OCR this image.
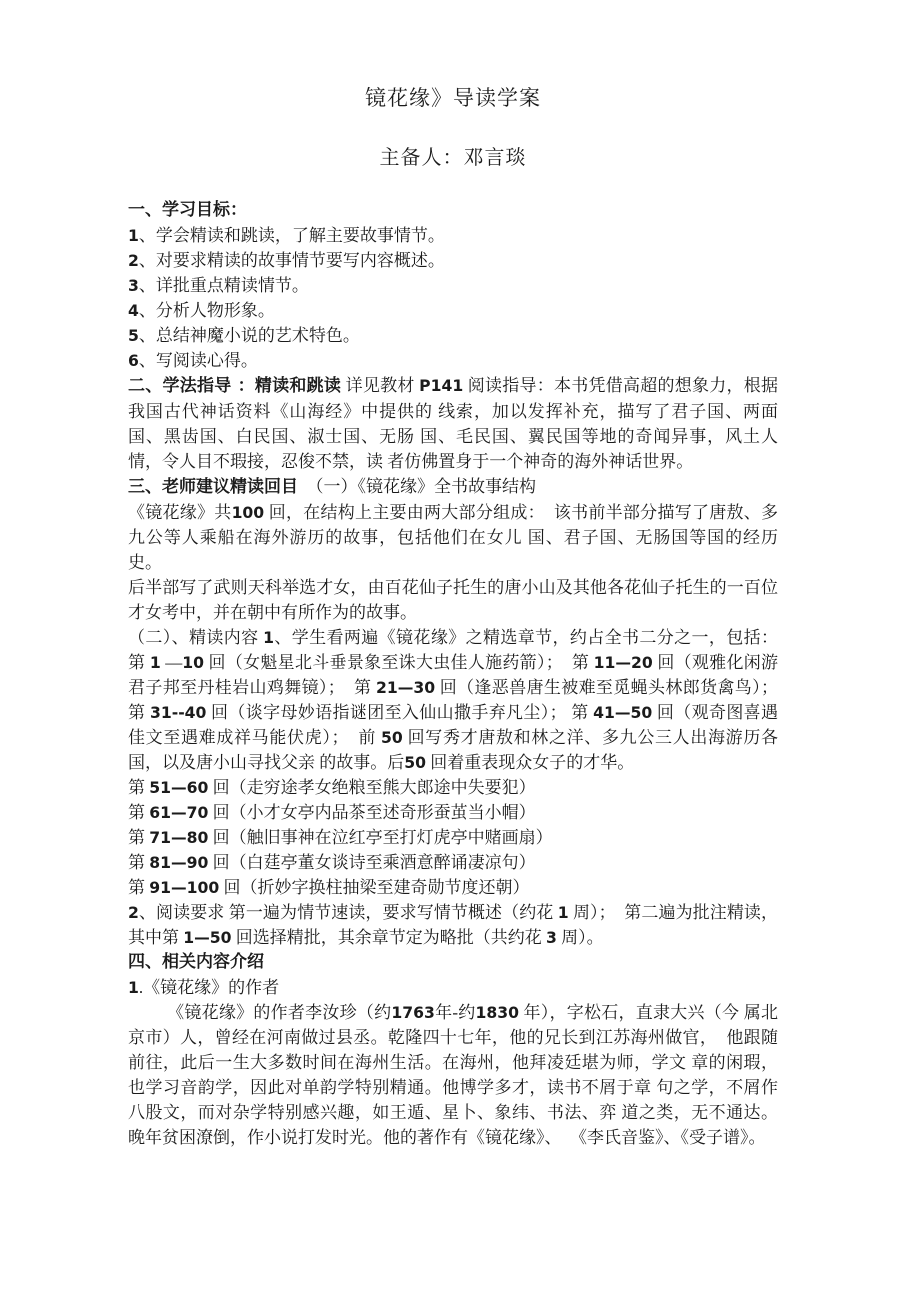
镜花缘》导读学案
主备人：邓言琰
一、学习目标：
1、学会精读和跳读，了解主要故事情节。
2、对要求精读的故事情节要写内容概述。
3、详批重点精读情节。
4、分析人物形象。
5、总结神魔小说的艺术特色。
6、写阅读心得。

二、学法指导 ：精读和跳读 详见教材 P141 阅读指导：本书凭借高超的想象力，根据我国古代神话资料《山海经》中提供的 线索，加以发挥补充，描写了君子国、两面国、黑齿国、白民国、淑士国、无肠 国、毛民国、翼民国等地的奇闻异事，风土人情，令人目不瑕接，忍俊不禁，读 者仿佛置身于一个神奇的海外神话世界。

三、老师建议精读回目  （一）《镜花缘》全书故事结构

《镜花缘》共100 回，在结构上主要由两大部分组成：  该书前半部分描写了唐敖、多九公等人乘船在海外游历的故事，包括他们在女儿 国、君子国、无肠国等国的经历史。

后半部写了武则天科举选才女，由百花仙子托生的唐小山及其他各花仙子托生的一百位才女考中，并在朝中有所作为的故事。

（二）、精读内容 1、学生看两遍《镜花缘》之精选章节，约占全书二分之一，包括：  第 1 —10 回（女魁星北斗垂景象至诛大虫佳人施药箭）；  第 11—20 回（观雅化闲游君子邦至丹桂岩山鸡舞镜）；  第 21—30 回（逢恶兽唐生被难至觅蝇头林郎货禽鸟）；  第 31--40 回（谈字母妙语指谜团至入仙山撒手弃凡尘）； 第 41—50 回（观奇图喜遇佳文至遇难成祥马能伏虎）；  前 50 回写秀才唐敖和林之洋、多九公三人出海游历各国，以及唐小山寻找父亲 的故事。后50 回着重表现众女子的才华。

第 51—60 回（走穷途孝女绝粮至熊大郎途中失要犯）
第 61—70 回（小才女亭内品茶至述奇形蚕茧当小帽）
第 71—80 回（触旧事神在泣红亭至打灯虎亭中赌画扇）
第 81—90 回（白莛亭董女谈诗至乘酒意醉诵凄凉句）
第 91—100 回（折妙字换柱抽梁至建奇勋节度还朝）

2、阅读要求 第一遍为情节速读，要求写情节概述（约花 1 周）；  第二遍为批注精读，其中第 1—50 回选择精批，其余章节定为略批（共约花 3 周）。

四、相关内容介绍
1.《镜花缘》的作者

《镜花缘》的作者李汝珍（约1763年-约1830 年），字松石，直隶大兴（今 属北京市）人，曾经在河南做过县丞。乾隆四十七年，他的兄长到江苏海州做官，  他跟随前往，此后一生大多数时间在海州生活。在海州，他拜凌廷堪为师，学文 章的闲瑕，也学习音韵学，因此对单韵学特别精通。他博学多才，读书不屑于章 句之学，不屑作八股文，而对杂学特别感兴趣，如王遁、星卜、象纬、书法、弈 道之类，无不通达。晚年贫困潦倒，作小说打发时光。他的著作有《镜花缘》、  《李氏音鉴》、《受子谱》。
